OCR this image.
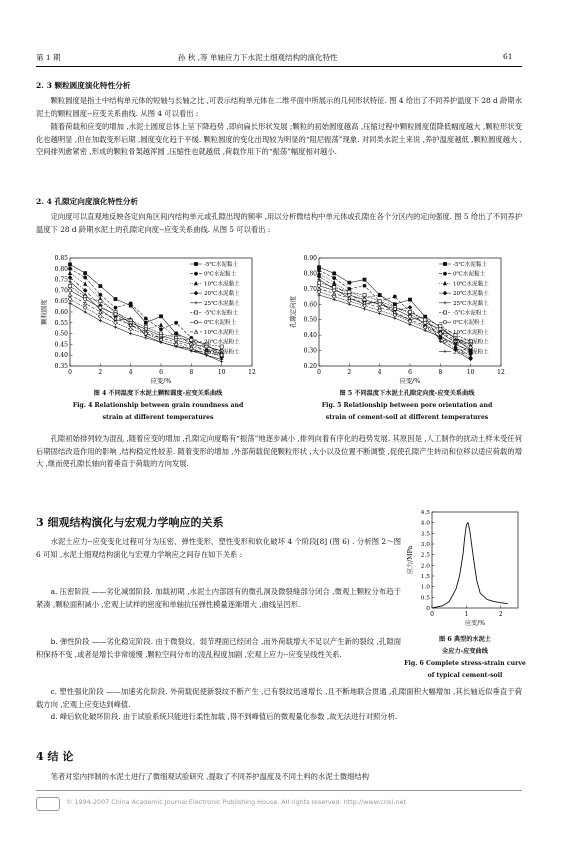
第 1 期	孙 秋 ,等 单轴应力下水泥土细观结构的演化特性	61
2. 3 颗粒圆度演化特性分析

颗粒圆度是指土中结构单元体的短轴与长轴之比 ,可表示结构单元体在二维平面中所展示的几何形状特征. 图 4 给出了不同养护温度下 28 d 龄期水泥土的颗粒圆度--应变关系曲线. 从图 4 可以看出 :

随着荷载和应变的增加 ,水泥土圆度总体上呈下降趋势 ,即向扁长形状发展 ;颗粒的初始圆度越高 ,压缩过程中颗粒圆度值降低幅度越大 ,颗粒形状变化也越明显 ,但在加载变形后期 ,圆度变化趋于平缓. 颗粒圆度的变化出现较为明显的“阻尼振荡”现象. 对同类水泥土来说 ,养护温度越低 ,颗粒圆度越大 ,空间排列愈紧密 ,形成的颗粒骨架越浑圆 ,压缩性也就越低 ,荷载作用下的“振荡”幅度相对越小.

2. 4 孔隙定向度演化特性分析

定向度可以直观地反映各定向角区间内结构单元或孔隙出现的频率 ,用以分析微结构中单元体或孔隙在各个分区内的定向强度. 图 5 给出了不同养护温度下 28 d 龄期水泥土的孔隙定向度--应变关系曲线. 从图 5 可以看出 :

0.35
0.40
0.45
0.50
0.55
0.60
0.65
0.70
0.75
0.80
0.85
0	2	4	6	8	10	12
应变/%
颗粒圆度
-5℃水泥黏土
0℃水泥黏土
10℃水泥黏土
20℃水泥黏土
25℃水泥黏土
-5℃水泥粉土
0℃水泥粉土
10℃水泥粉土
20℃水泥粉土
25℃水泥粉土
图 4 不同温度下水泥土颗粒圆度-应变关系曲线
Fig. 4 Relationship between grain roundness and
strain at different temperatures
0.20
0.30
0.40
0.50
0.60
0.70
0.80
0.90
0	2	4	6	8	10	12
应变/%
孔隙定向度
-5℃水泥黏土
0℃水泥黏土
10℃水泥黏土
20℃水泥黏土
25℃水泥黏土
-5℃水泥粉土
0℃水泥粉土
10℃水泥粉土
20℃水泥粉土
25℃水泥粉土
图 5 不同温度下水泥土孔隙定向度-应变关系曲线
Fig. 5 Relationship between pore orientation and
strain of cement-soil at different temperatures

孔隙初始排列较为混乱 ,随着应变的增加 ,孔隙定向度略有“振荡”地逐步减小 ,排列向着有序化的趋势发展. 其原因是 ,人工制作的扰动土样未受任何后期固结改造作用的影响 ,结构稳定性较差. 随着变形的增加 ,外部荷载促使颗粒形状 ,大小以及位置不断调整 ,促使孔隙产生转动和位移以适应荷载的增大 ,继而使孔隙长轴向着垂直于荷载的方向发展.

3 细观结构演化与宏观力学响应的关系

水泥土应力--应变变化过程可分为压密、弹性变形、塑性变形和软化破坏 4 个阶段[8] (图 6) . 分析图 2～图 6 可知 ,水泥土细观结构演化与宏观力学响应之间存在如下关系 :

a. 压密阶段 ——劣化减弱阶段. 加载初期 ,水泥土内部固有的微孔洞及微裂缝部分闭合 ,微观上颗粒分布趋于紧凑 ,颗粒面积减小 ,宏观上试样的密度和单轴抗压弹性模量逐渐增大 ,曲线呈凹形.

b. 弹性阶段 ——劣化稳定阶段. 由于微裂纹、弱节理面已经闭合 ,而外荷载增大不足以产生新的裂纹 ,孔隙面积保持不变 ,或者是增长非常缓慢 ,颗粒空间分布的凌乱程度加剧 ,宏观上应力--应变呈线性关系.

c. 塑性强化阶段 ——加速劣化阶段. 外荷载促使新裂纹不断产生 ,已有裂纹迅速增长 ,且不断地联合贯通 ,孔隙面积大幅增加 ,其长轴近似垂直于荷载方向 ,宏观上应变达到峰值.

d. 峰后软化破坏阶段. 由于试验系统只能进行柔性加载 ,得不到峰值后的微观量化参数 ,故无法进行对照分析.

0
0.5
1.0
1.5
2.0
2.5
3.0
3.5
4.0
4.5
0	1	2
应变/%
应力/MPa
图 6 典型的水泥土
全应力-应变曲线
Fig. 6 Complete stress-strain curve
of typical cement-soil
4 结 论

笔者对室内拌制的水泥土进行了微细观试验研究 ,提取了不同养护温度及不同土料的水泥土微细结构

© 1994-2007 China Academic Journal Electronic Publishing House. All rights reserved. http://www.cnki.net
